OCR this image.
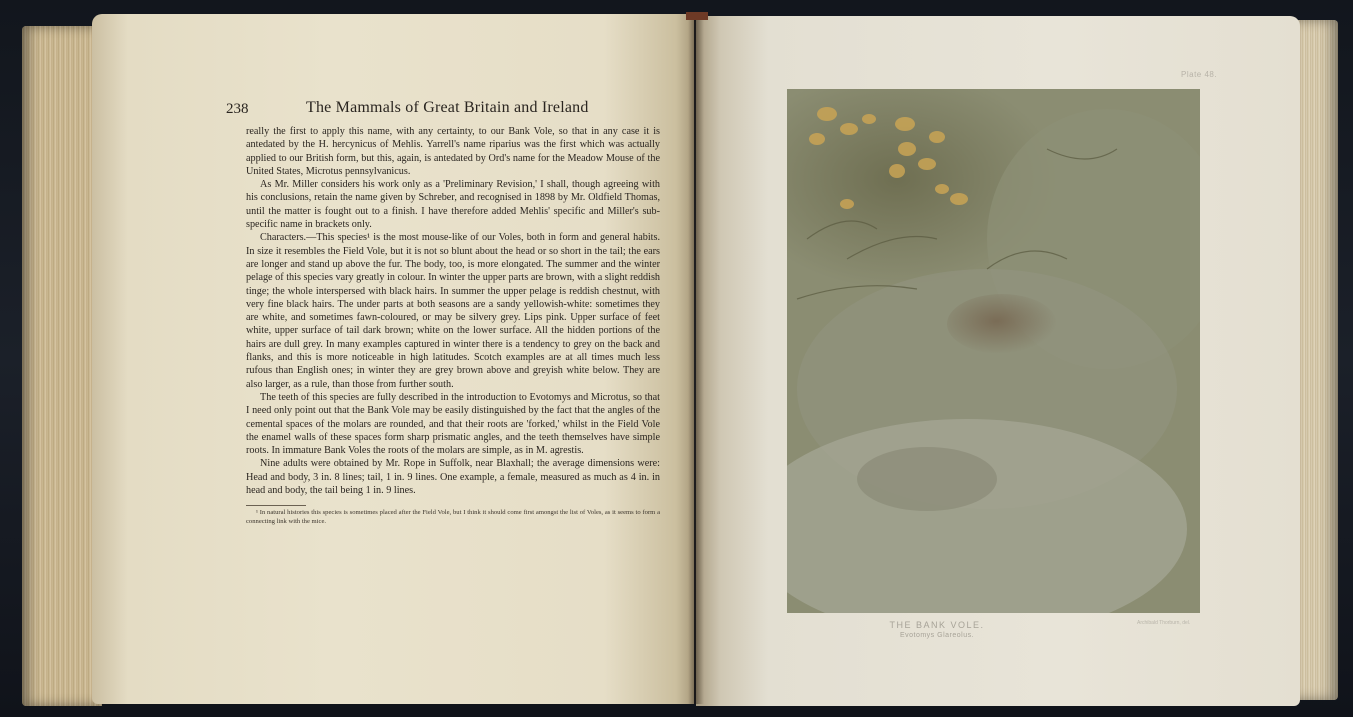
238	The Mammals of Great Britain and Ireland

really the first to apply this name, with any certainty, to our Bank Vole, so that in any case it is antedated by the H. hercynicus of Mehlis. Yarrell's name riparius was the first which was actually applied to our British form, but this, again, is antedated by Ord's name for the Meadow Mouse of the United States, Microtus pennsylvanicus.

As Mr. Miller considers his work only as a 'Preliminary Revision,' I shall, though agreeing with his conclusions, retain the name given by Schreber, and recognised in 1898 by Mr. Oldfield Thomas, until the matter is fought out to a finish. I have therefore added Mehlis' specific and Miller's sub-specific name in brackets only.

Characters.—This species¹ is the most mouse-like of our Voles, both in form and general habits. In size it resembles the Field Vole, but it is not so blunt about the head or so short in the tail; the ears are longer and stand up above the fur. The body, too, is more elongated. The summer and the winter pelage of this species vary greatly in colour. In winter the upper parts are brown, with a slight reddish tinge; the whole interspersed with black hairs. In summer the upper pelage is reddish chestnut, with very fine black hairs. The under parts at both seasons are a sandy yellowish-white: sometimes they are white, and sometimes fawn-coloured, or may be silvery grey. Lips pink. Upper surface of feet white, upper surface of tail dark brown; white on the lower surface. All the hidden portions of the hairs are dull grey. In many examples captured in winter there is a tendency to grey on the back and flanks, and this is more noticeable in high latitudes. Scotch examples are at all times much less rufous than English ones; in winter they are grey brown above and greyish white below. They are also larger, as a rule, than those from further south.

The teeth of this species are fully described in the introduction to Evotomys and Microtus, so that I need only point out that the Bank Vole may be easily distinguished by the fact that the angles of the cemental spaces of the molars are rounded, and that their roots are 'forked,' whilst in the Field Vole the enamel walls of these spaces form sharp prismatic angles, and the teeth themselves have simple roots. In immature Bank Voles the roots of the molars are simple, as in M. agrestis.

Nine adults were obtained by Mr. Rope in Suffolk, near Blaxhall; the average dimensions were: Head and body, 3 in. 8 lines; tail, 1 in. 9 lines. One example, a female, measured as much as 4 in. in head and body, the tail being 1 in. 9 lines.

¹ In natural histories this species is sometimes placed after the Field Vole, but I think it should come first amongst the list of Voles, as it seems to form a connecting link with the mice.

Plate 48.
THE BANK VOLE.
Evotomys Glareolus.
Archibald Thorburn, del.
